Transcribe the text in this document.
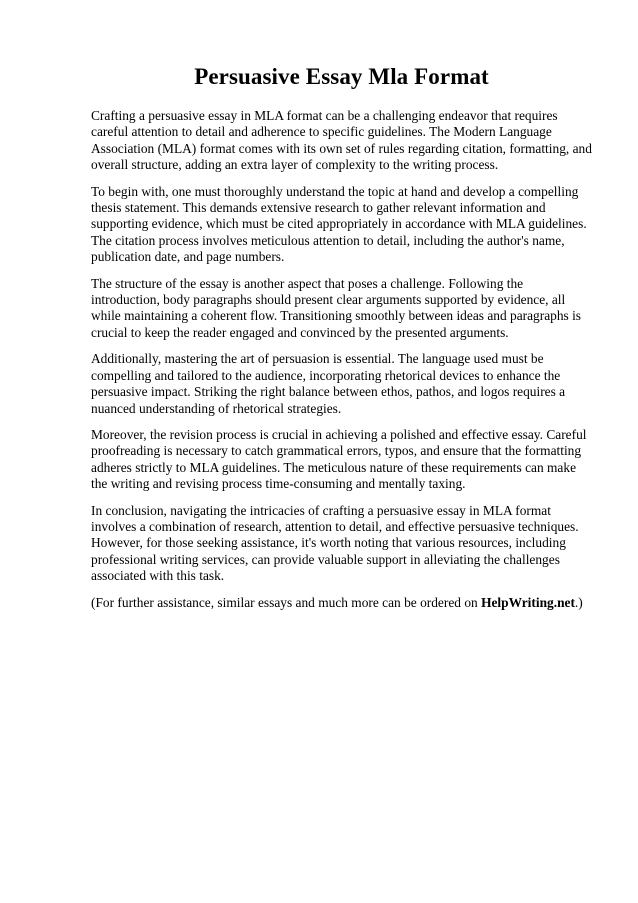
Persuasive Essay Mla Format

Crafting a persuasive essay in MLA format can be a challenging endeavor that requires careful attention to detail and adherence to specific guidelines. The Modern Language Association (MLA) format comes with its own set of rules regarding citation, formatting, and overall structure, adding an extra layer of complexity to the writing process.

To begin with, one must thoroughly understand the topic at hand and develop a compelling thesis statement. This demands extensive research to gather relevant information and supporting evidence, which must be cited appropriately in accordance with MLA guidelines. The citation process involves meticulous attention to detail, including the author's name, publication date, and page numbers.

The structure of the essay is another aspect that poses a challenge. Following the introduction, body paragraphs should present clear arguments supported by evidence, all while maintaining a coherent flow. Transitioning smoothly between ideas and paragraphs is crucial to keep the reader engaged and convinced by the presented arguments.

Additionally, mastering the art of persuasion is essential. The language used must be compelling and tailored to the audience, incorporating rhetorical devices to enhance the persuasive impact. Striking the right balance between ethos, pathos, and logos requires a nuanced understanding of rhetorical strategies.

Moreover, the revision process is crucial in achieving a polished and effective essay. Careful proofreading is necessary to catch grammatical errors, typos, and ensure that the formatting adheres strictly to MLA guidelines. The meticulous nature of these requirements can make the writing and revising process time-consuming and mentally taxing.

In conclusion, navigating the intricacies of crafting a persuasive essay in MLA format involves a combination of research, attention to detail, and effective persuasive techniques. However, for those seeking assistance, it's worth noting that various resources, including professional writing services, can provide valuable support in alleviating the challenges associated with this task.

(For further assistance, similar essays and much more can be ordered on HelpWriting.net.)
